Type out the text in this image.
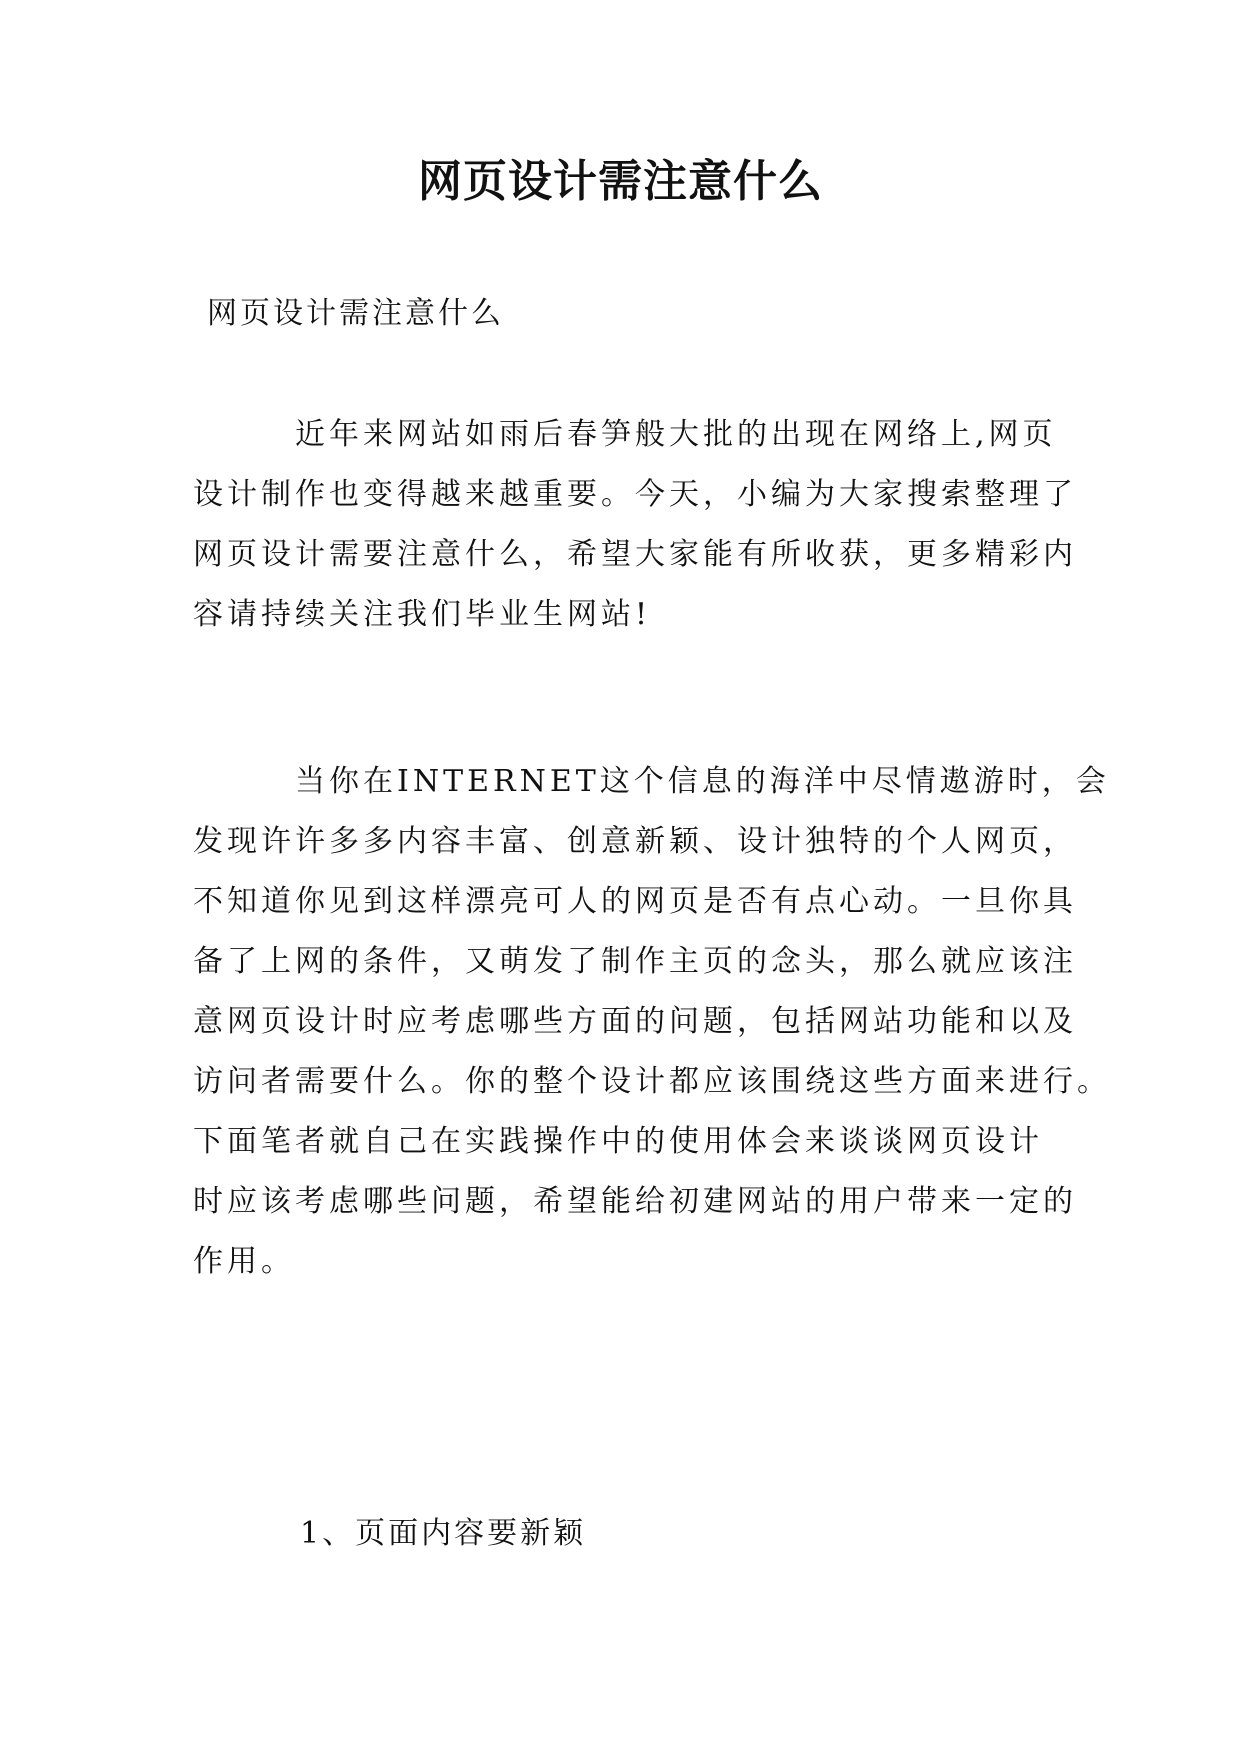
网页设计需注意什么
网页设计需注意什么
　　　近年来网站如雨后春笋般大批的出现在网络上,网页
设计制作也变得越来越重要。今天，小编为大家搜索整理了
网页设计需要注意什么，希望大家能有所收获，更多精彩内
容请持续关注我们毕业生网站!
　　　当你在INTERNET这个信息的海洋中尽情遨游时，会
发现许许多多内容丰富、创意新颖、设计独特的个人网页，
不知道你见到这样漂亮可人的网页是否有点心动。一旦你具
备了上网的条件，又萌发了制作主页的念头，那么就应该注
意网页设计时应考虑哪些方面的问题，包括网站功能和以及
访问者需要什么。你的整个设计都应该围绕这些方面来进行。
下面笔者就自己在实践操作中的使用体会来谈谈网页设计
时应该考虑哪些问题，希望能给初建网站的用户带来一定的
作用。
1、页面内容要新颖
